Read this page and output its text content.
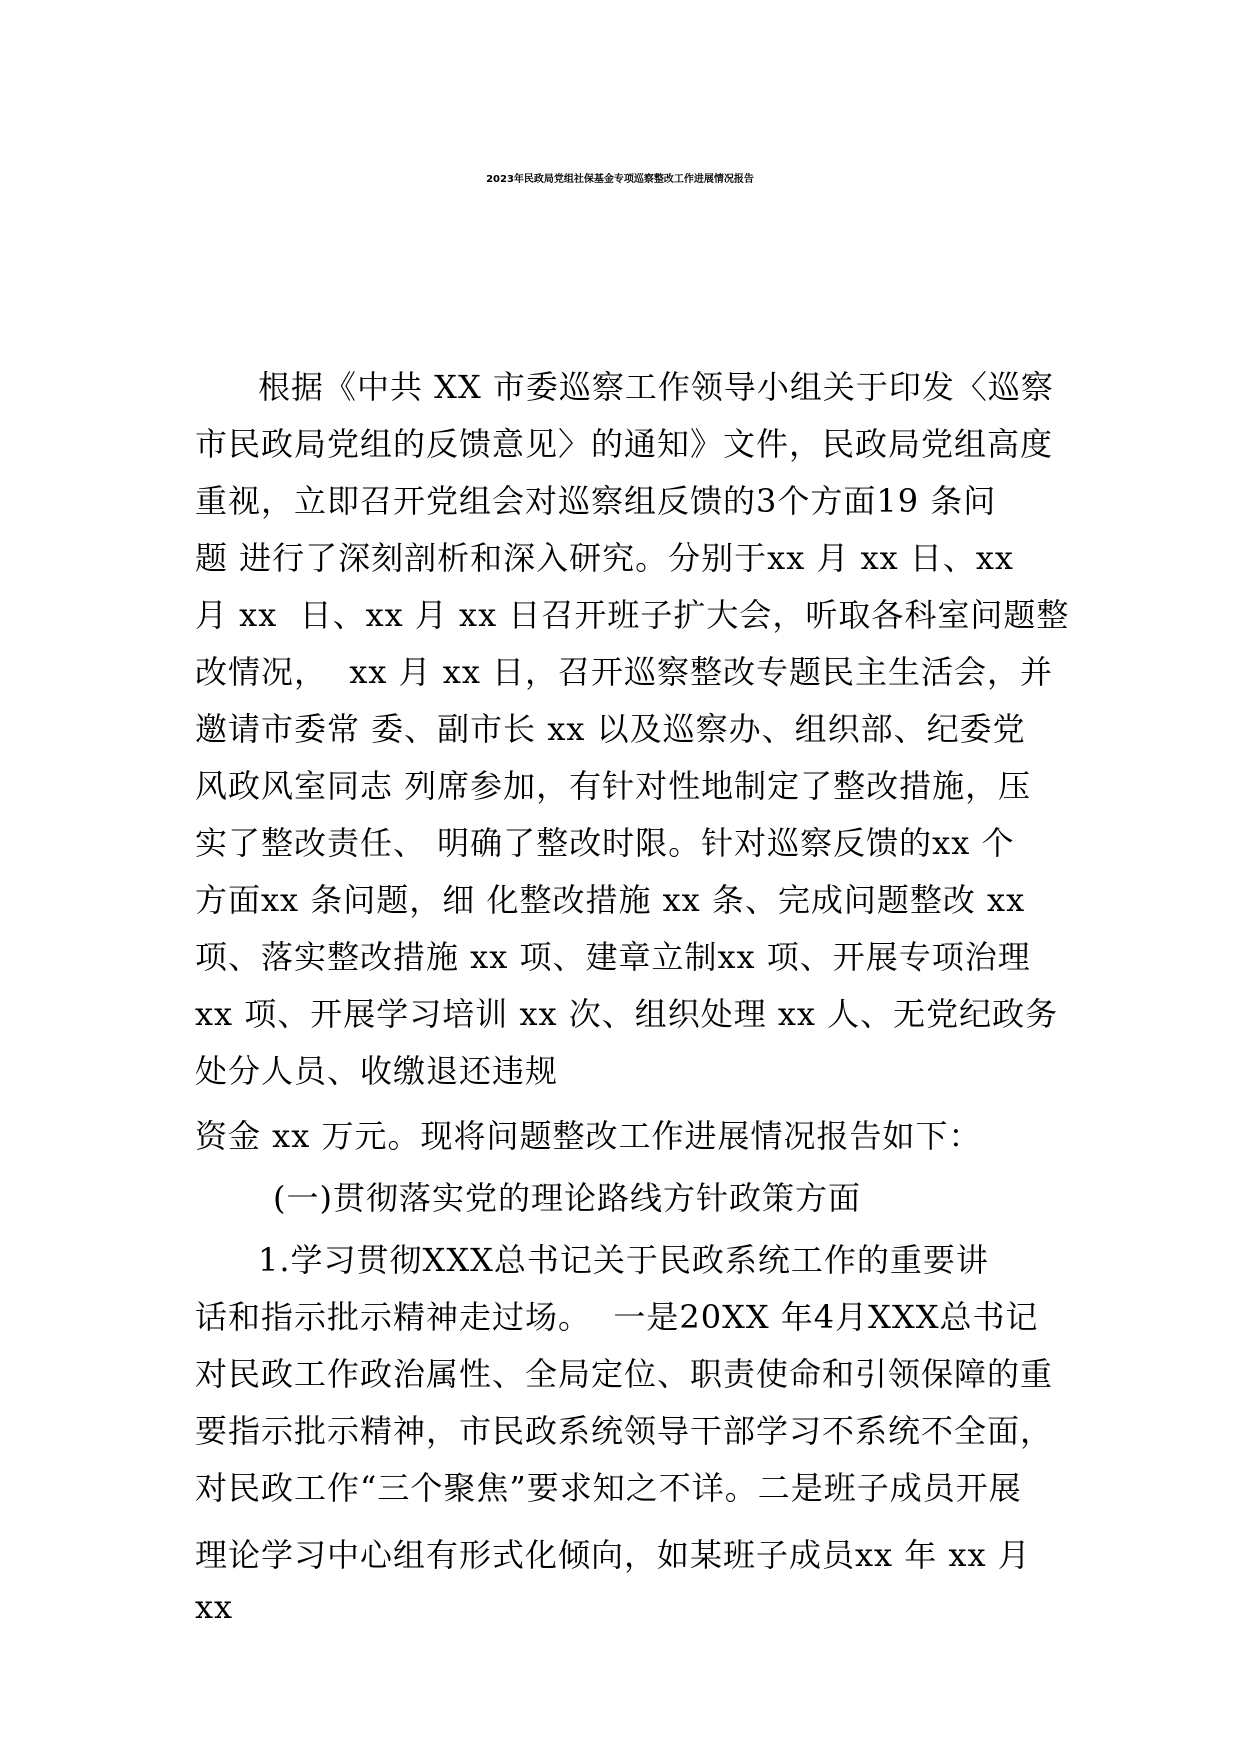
2023年民政局党组社保基金专项巡察整改工作进展情况报告
根据《中共 XX 市委巡察工作领导小组关于印发〈巡察
市民政局党组的反馈意见〉的通知》文件，民政局党组高度
重视，立即召开党组会对巡察组反馈的3个方面19 条问
题 进行了深刻剖析和深入研究。分别于xx 月 xx 日、xx
月 xx  日、xx 月 xx 日召开班子扩大会，听取各科室问题整
改情况，  xx 月 xx 日，召开巡察整改专题民主生活会，并
邀请市委常 委、副市长 xx 以及巡察办、组织部、纪委党
风政风室同志 列席参加，有针对性地制定了整改措施，压
实了整改责任、 明确了整改时限。针对巡察反馈的xx 个
方面xx 条问题，细 化整改措施 xx 条、完成问题整改 xx
项、落实整改措施 xx 项、建章立制xx 项、开展专项治理
xx 项、开展学习培训 xx 次、组织处理 xx 人、无党纪政务
处分人员、收缴退还违规
资金 xx 万元。现将问题整改工作进展情况报告如下：
(一)贯彻落实党的理论路线方针政策方面
1.学习贯彻XXX总书记关于民政系统工作的重要讲
话和指示批示精神走过场。  一是20XX 年4月XXX总书记
对民政工作政治属性、全局定位、职责使命和引领保障的重
要指示批示精神，市民政系统领导干部学习不系统不全面，
对民政工作“三个聚焦”要求知之不详。二是班子成员开展
理论学习中心组有形式化倾向，如某班子成员xx 年 xx 月
xx
